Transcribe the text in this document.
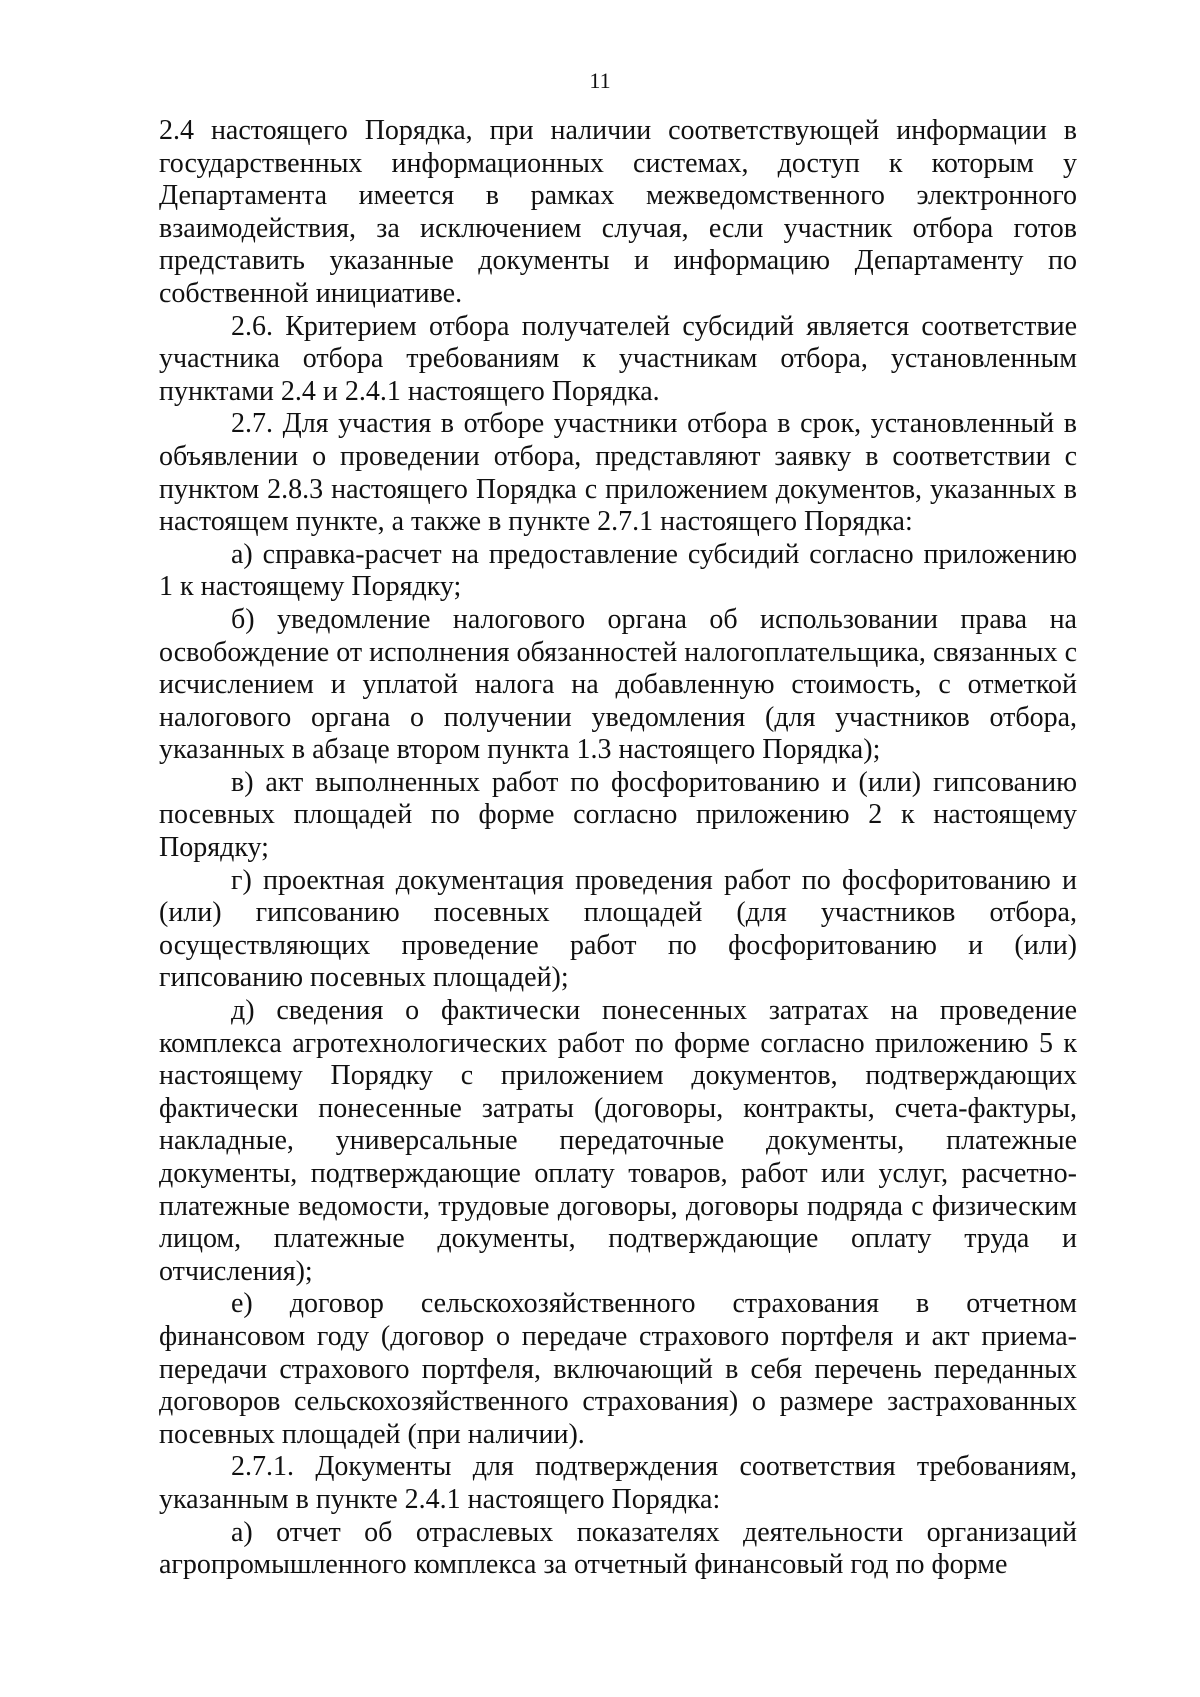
11

2.4 настоящего Порядка, при наличии соответствующей информации в государственных информационных системах, доступ к которым у Департамента имеется в рамках межведомственного электронного взаимодействия, за исключением случая, если участник отбора готов представить указанные документы и информацию Департаменту по собственной инициативе.

2.6. Критерием отбора получателей субсидий является соответствие участника отбора требованиям к участникам отбора, установленным пунктами 2.4 и 2.4.1 настоящего Порядка.

2.7. Для участия в отборе участники отбора в срок, установленный в объявлении о проведении отбора, представляют заявку в соответствии с пунктом 2.8.3 настоящего Порядка с приложением документов, указанных в настоящем пункте, а также в пункте 2.7.1 настоящего Порядка:

а) справка-расчет на предоставление субсидий согласно приложению 1 к настоящему Порядку;

б) уведомление налогового органа об использовании права на освобождение от исполнения обязанностей налогоплательщика, связанных с исчислением и уплатой налога на добавленную стоимость, с отметкой налогового органа о получении уведомления (для участников отбора, указанных в абзаце втором пункта 1.3 настоящего Порядка);

в) акт выполненных работ по фосфоритованию и (или) гипсованию посевных площадей по форме согласно приложению 2 к настоящему Порядку;

г) проектная документация проведения работ по фосфоритованию и (или) гипсованию посевных площадей (для участников отбора, осуществляющих проведение работ по фосфоритованию и (или) гипсованию посевных площадей);

д) сведения о фактически понесенных затратах на проведение комплекса агротехнологических работ по форме согласно приложению 5 к настоящему Порядку с приложением документов, подтверждающих фактически понесенные затраты (договоры, контракты, счета-фактуры, накладные, универсальные передаточные документы, платежные документы, подтверждающие оплату товаров, работ или услуг, расчетно-платежные ведомости, трудовые договоры, договоры подряда с физическим лицом, платежные документы, подтверждающие оплату труда и отчисления);

е) договор сельскохозяйственного страхования в отчетном финансовом году (договор о передаче страхового портфеля и акт приема-передачи страхового портфеля, включающий в себя перечень переданных договоров сельскохозяйственного страхования) о размере застрахованных посевных площадей (при наличии).

2.7.1. Документы для подтверждения соответствия требованиям, указанным в пункте 2.4.1 настоящего Порядка:

а) отчет об отраслевых показателях деятельности организаций агропромышленного комплекса за отчетный финансовый год по форме
